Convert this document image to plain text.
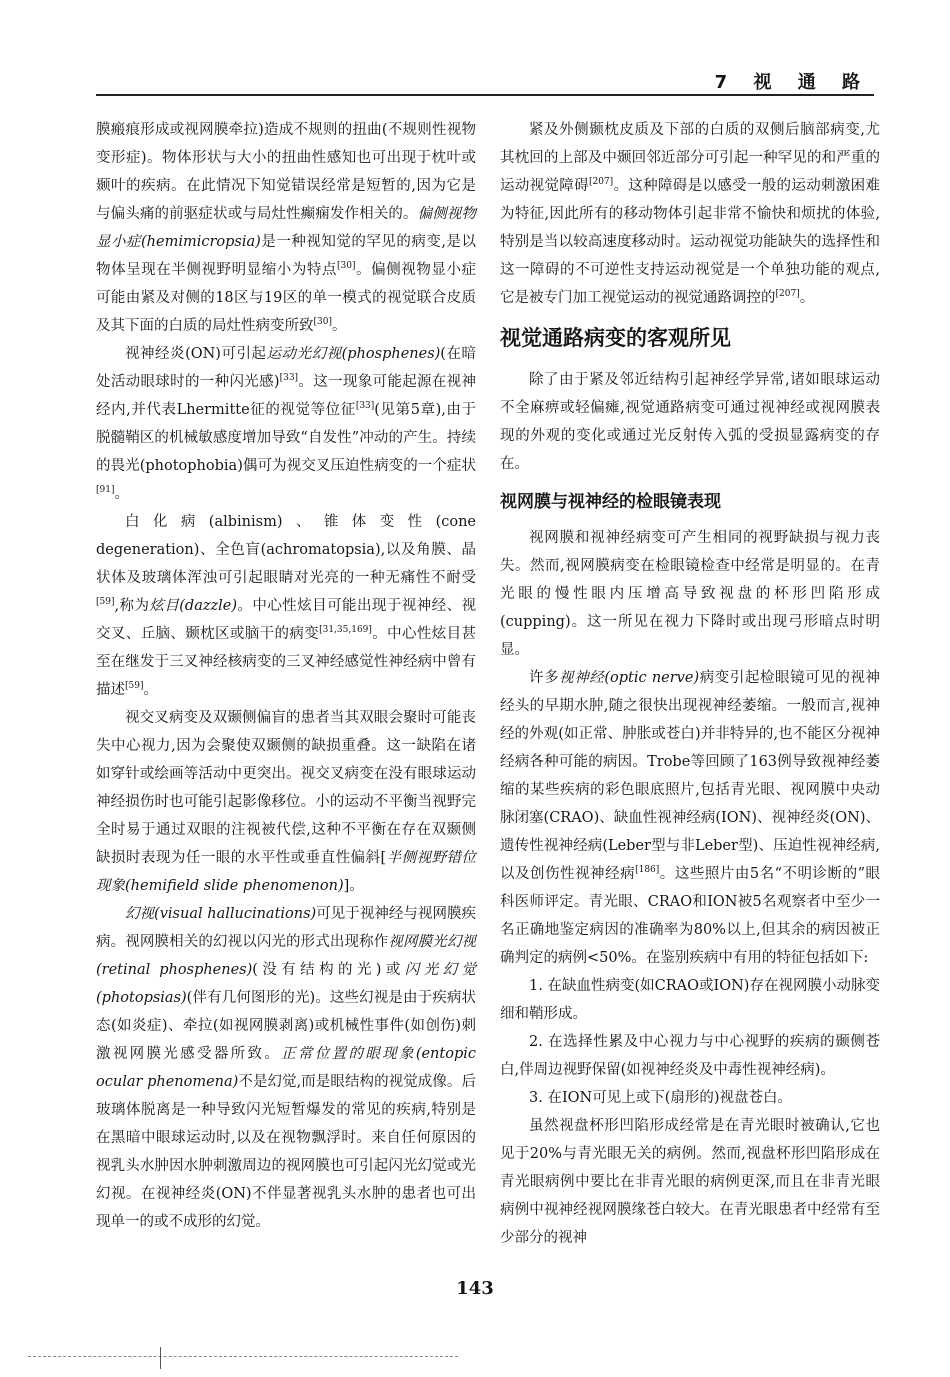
7 视 通 路

膜瘢痕形成或视网膜牵拉)造成不规则的扭曲(不规则性视物变形症)。物体形状与大小的扭曲性感知也可出现于枕叶或颞叶的疾病。在此情况下知觉错误经常是短暂的,因为它是与偏头痛的前驱症状或与局灶性癫痫发作相关的。偏侧视物显小症(hemimicropsia)是一种视知觉的罕见的病变,是以物体呈现在半侧视野明显缩小为特点[30]。偏侧视物显小症可能由紧及对侧的18区与19区的单一模式的视觉联合皮质及其下面的白质的局灶性病变所致[30]。

视神经炎(ON)可引起运动光幻视(phosphenes)(在暗处活动眼球时的一种闪光感)[33]。这一现象可能起源在视神经内,并代表Lhermitte征的视觉等位征[33](见第5章),由于脱髓鞘区的机械敏感度增加导致“自发性”冲动的产生。持续的畏光(photophobia)偶可为视交叉压迫性病变的一个症状[91]。

白化病(albinism)、锥体变性(cone degeneration)、全色盲(achromatopsia),以及角膜、晶状体及玻璃体浑浊可引起眼睛对光亮的一种无痛性不耐受[59],称为炫目(dazzle)。中心性炫目可能出现于视神经、视交叉、丘脑、颞枕区或脑干的病变[31,35,169]。中心性炫目甚至在继发于三叉神经核病变的三叉神经感觉性神经病中曾有描述[59]。

视交叉病变及双颞侧偏盲的患者当其双眼会聚时可能丧失中心视力,因为会聚使双颞侧的缺损重叠。这一缺陷在诸如穿针或绘画等活动中更突出。视交叉病变在没有眼球运动神经损伤时也可能引起影像移位。小的运动不平衡当视野完全时易于通过双眼的注视被代偿,这种不平衡在存在双颞侧缺损时表现为任一眼的水平性或垂直性偏斜[半侧视野错位现象(hemifield slide phenomenon)]。

幻视(visual hallucinations)可见于视神经与视网膜疾病。视网膜相关的幻视以闪光的形式出现称作视网膜光幻视(retinal phosphenes)(没有结构的光)或闪光幻觉(photopsias)(伴有几何图形的光)。这些幻视是由于疾病状态(如炎症)、牵拉(如视网膜剥离)或机械性事件(如创伤)刺激视网膜光感受器所致。正常位置的眼现象(entopic ocular phenomena)不是幻觉,而是眼结构的视觉成像。后玻璃体脱离是一种导致闪光短暂爆发的常见的疾病,特别是在黑暗中眼球运动时,以及在视物飘浮时。来自任何原因的视乳头水肿因水肿刺激周边的视网膜也可引起闪光幻觉或光幻视。在视神经炎(ON)不伴显著视乳头水肿的患者也可出现单一的或不成形的幻觉。

紧及外侧颞枕皮质及下部的白质的双侧后脑部病变,尤其枕回的上部及中颞回邻近部分可引起一种罕见的和严重的运动视觉障碍[207]。这种障碍是以感受一般的运动刺激困难为特征,因此所有的移动物体引起非常不愉快和烦扰的体验,特别是当以较高速度移动时。运动视觉功能缺失的选择性和这一障碍的不可逆性支持运动视觉是一个单独功能的观点,它是被专门加工视觉运动的视觉通路调控的[207]。

视觉通路病变的客观所见

除了由于紧及邻近结构引起神经学异常,诸如眼球运动不全麻痹或轻偏瘫,视觉通路病变可通过视神经或视网膜表现的外观的变化或通过光反射传入弧的受损显露病变的存在。

视网膜与视神经的检眼镜表现

视网膜和视神经病变可产生相同的视野缺损与视力丧失。然而,视网膜病变在检眼镜检查中经常是明显的。在青光眼的慢性眼内压增高导致视盘的杯形凹陷形成(cupping)。这一所见在视力下降时或出现弓形暗点时明显。

许多视神经(optic nerve)病变引起检眼镜可见的视神经头的早期水肿,随之很快出现视神经萎缩。一般而言,视神经的外观(如正常、肿胀或苍白)并非特异的,也不能区分视神经病各种可能的病因。Trobe等回顾了163例导致视神经萎缩的某些疾病的彩色眼底照片,包括青光眼、视网膜中央动脉闭塞(CRAO)、缺血性视神经病(ION)、视神经炎(ON)、遗传性视神经病(Leber型与非Leber型)、压迫性视神经病,以及创伤性视神经病[186]。这些照片由5名“不明诊断的”眼科医师评定。青光眼、CRAO和ION被5名观察者中至少一名正确地鉴定病因的准确率为80%以上,但其余的病因被正确判定的病例<50%。在鉴别疾病中有用的特征包括如下:

1. 在缺血性病变(如CRAO或ION)存在视网膜小动脉变细和鞘形成。

2. 在选择性累及中心视力与中心视野的疾病的颞侧苍白,伴周边视野保留(如视神经炎及中毒性视神经病)。

3. 在ION可见上或下(扇形的)视盘苍白。

虽然视盘杯形凹陷形成经常是在青光眼时被确认,它也见于20%与青光眼无关的病例。然而,视盘杯形凹陷形成在青光眼病例中要比在非青光眼的病例更深,而且在非青光眼病例中视神经视网膜缘苍白较大。在青光眼患者中经常有至少部分的视神

143
